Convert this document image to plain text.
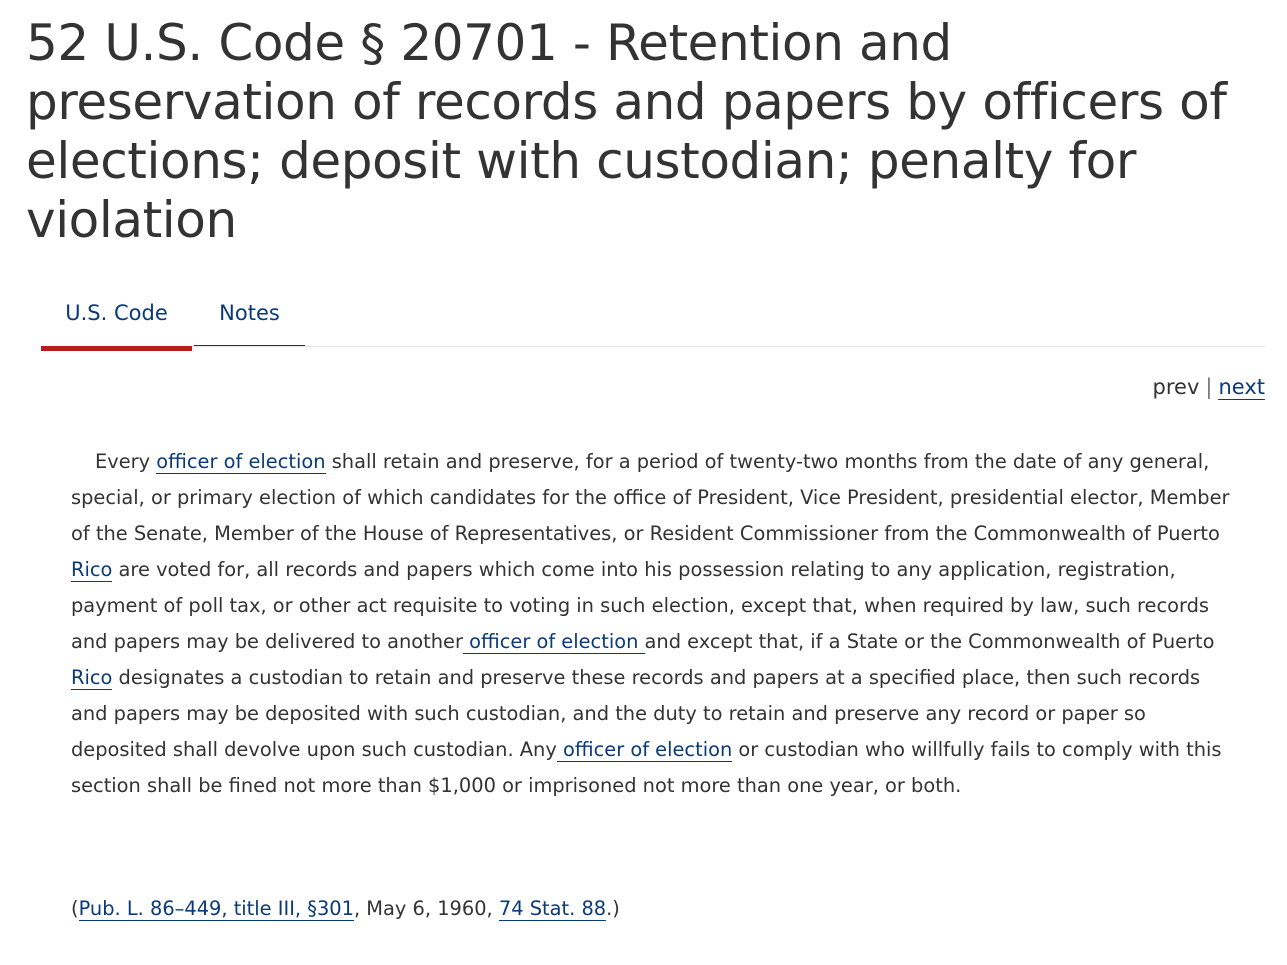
52 U.S. Code § 20701 - Retention and preservation of records and papers by officers of elections; deposit with custodian; penalty for violation
U.S. Code	Notes
prev | next

Every officer of election shall retain and preserve, for a period of twenty-two months from the date of any general, special, or primary election of which candidates for the office of President, Vice President, presidential elector, Member of the Senate, Member of the House of Representatives, or Resident Commissioner from the Commonwealth of Puerto Rico are voted for, all records and papers which come into his possession relating to any application, registration, payment of poll tax, or other act requisite to voting in such election, except that, when required by law, such records and papers may be delivered to another officer of election and except that, if a State or the Commonwealth of Puerto Rico designates a custodian to retain and preserve these records and papers at a specified place, then such records and papers may be deposited with such custodian, and the duty to retain and preserve any record or paper so deposited shall devolve upon such custodian. Any officer of election or custodian who willfully fails to comply with this section shall be fined not more than $1,000 or imprisoned not more than one year, or both.

(Pub. L. 86–449, title III, §301, May 6, 1960, 74 Stat. 88.)
